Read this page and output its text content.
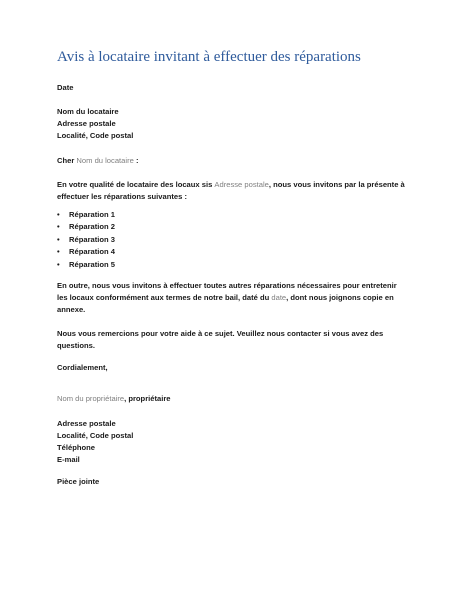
Avis à locataire invitant à effectuer des réparations
Date
Nom du locataire
Adresse postale
Localité, Code postal
Cher Nom du locataire :
En votre qualité de locataire des locaux sis Adresse postale, nous vous invitons par la présente à
effectuer les réparations suivantes :
• Réparation 1
• Réparation 2
• Réparation 3
• Réparation 4
• Réparation 5
En outre, nous vous invitons à effectuer toutes autres réparations nécessaires pour entretenir
les locaux conformément aux termes de notre bail, daté du date, dont nous joignons copie en
annexe.
Nous vous remercions pour votre aide à ce sujet. Veuillez nous contacter si vous avez des
questions.
Cordialement,
Nom du propriétaire, propriétaire
Adresse postale
Localité, Code postal
Téléphone
E-mail
Pièce jointe
